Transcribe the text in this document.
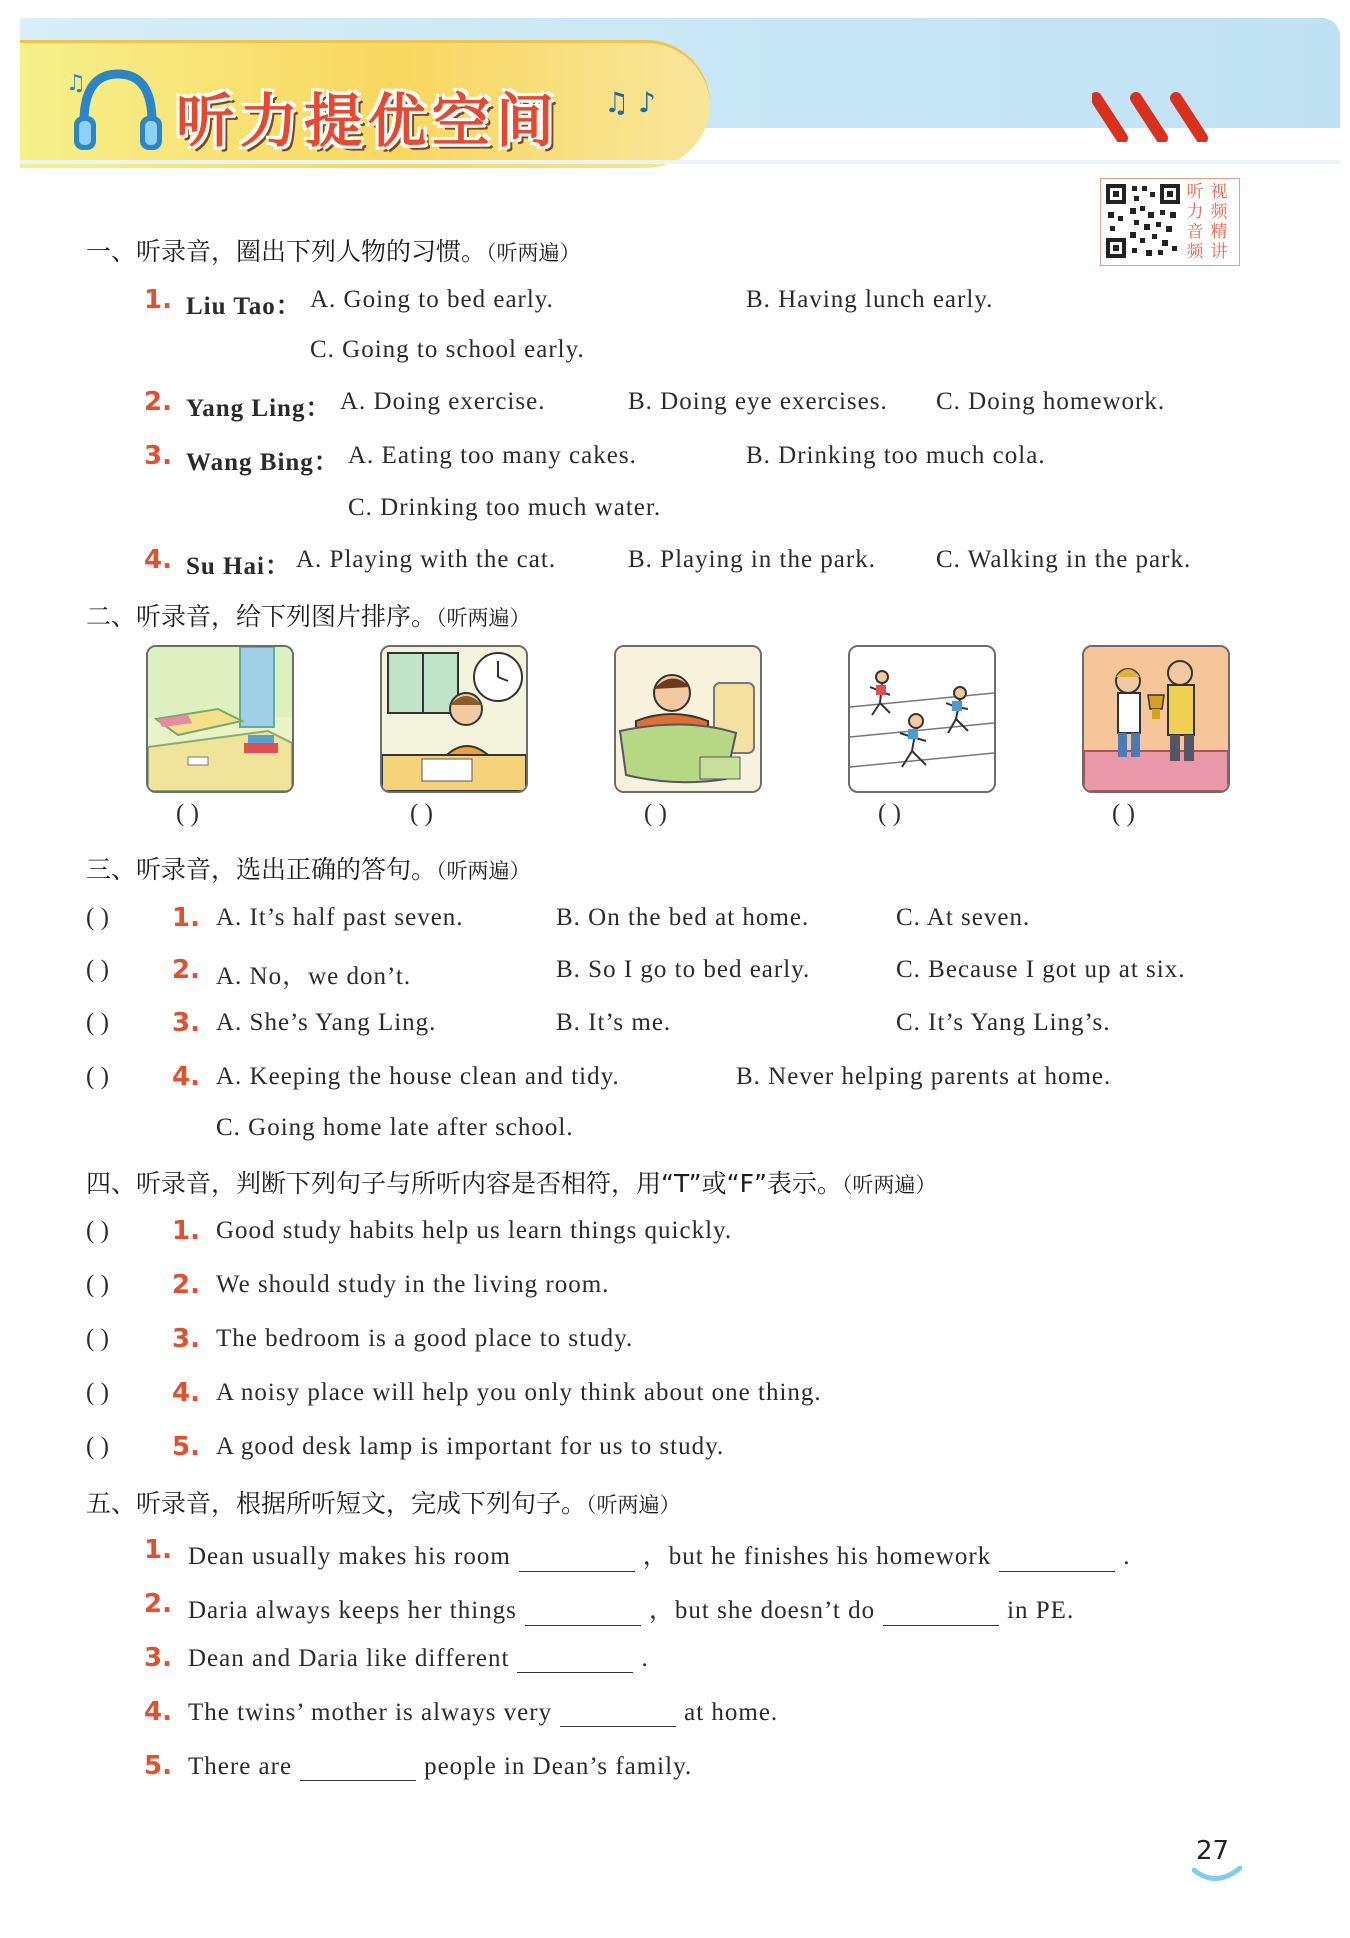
♫
听力提优空间 ♫ ♪
听
力
音
频
视
频
精
讲
一、听录音，圈出下列人物的习惯。（听两遍）
1. Liu Tao： A. Going to bed early.	B. Having lunch early.
C. Going to school early.
2. Yang Ling： A. Doing exercise.	B. Doing eye exercises. C. Doing homework.
3. Wang Bing： A. Eating too many cakes.	B. Drinking too much cola.
C. Drinking too much water.
4. Su Hai： A. Playing with the cat.	B. Playing in the park. C. Walking in the park.
二、听录音，给下列图片排序。（听两遍）
( )	( )	( )	( )	( )
三、听录音，选出正确的答句。（听两遍）
( ) 1. A. It’s half past seven.	B. On the bed at home.	C. At seven.
( ) 2. A. No，we don’t.	B. So I go to bed early.	C. Because I got up at six.
( ) 3. A. She’s Yang Ling.	B. It’s me.	C. It’s Yang Ling’s.
( ) 4. A. Keeping the house clean and tidy.	B. Never helping parents at home.
C. Going home late after school.
四、听录音，判断下列句子与所听内容是否相符，用“T”或“F”表示。（听两遍）
( ) 1. Good study habits help us learn things quickly.
( ) 2. We should study in the living room.
( ) 3. The bedroom is a good place to study.
( ) 4. A noisy place will help you only think about one thing.
( ) 5. A good desk lamp is important for us to study.
五、听录音，根据所听短文，完成下列句子。（听两遍）
1. Dean usually makes his room	，but he finishes his homework	.
2. Daria always keeps her things	，but she doesn’t do	in PE.
3. Dean and Daria like different	.
4. The twins’ mother is always very	at home.
5. There are	people in Dean’s family.
27
